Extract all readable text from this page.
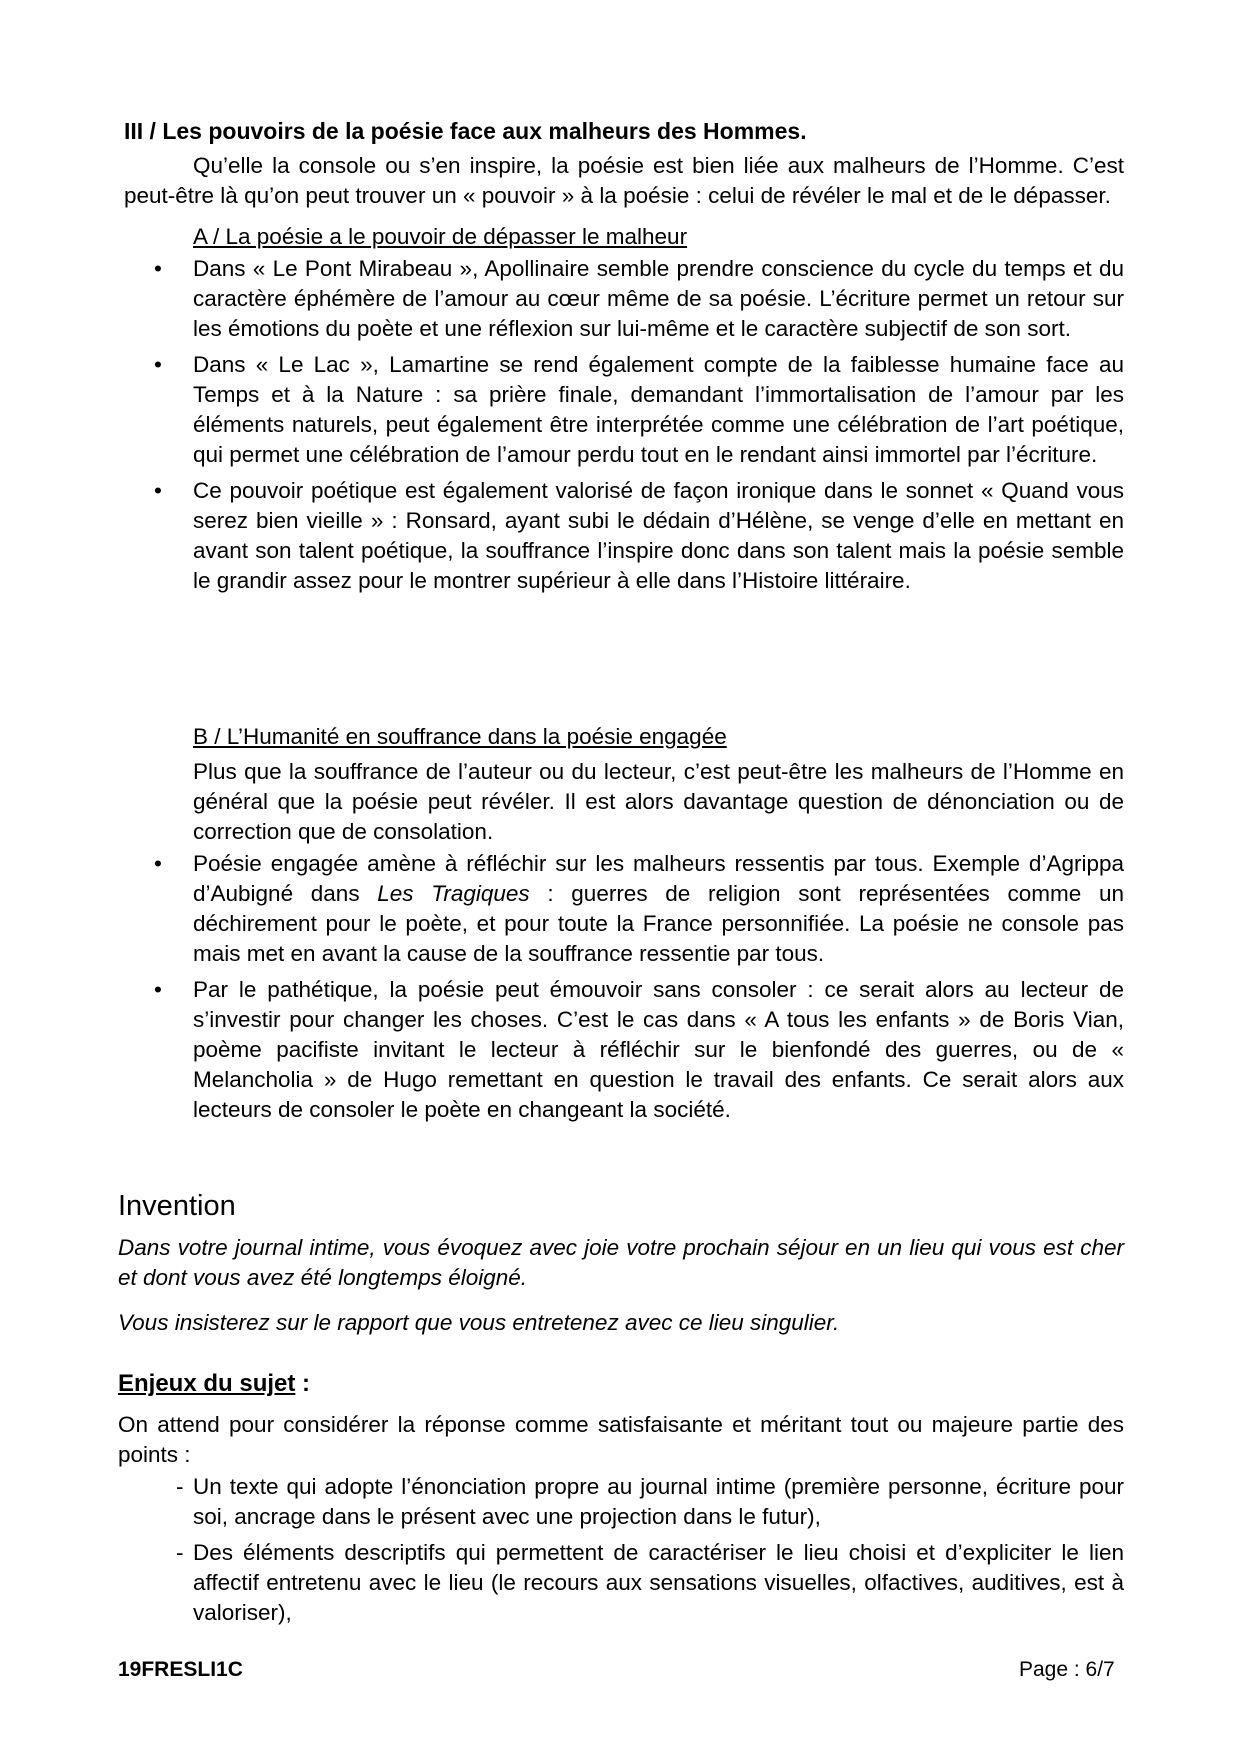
III / Les pouvoirs de la poésie face aux malheurs des Hommes.

Qu’elle la console ou s’en inspire, la poésie est bien liée aux malheurs de l’Homme. C’est peut-être là qu’on peut trouver un « pouvoir » à la poésie : celui de révéler le mal et de le dépasser.

A / La poésie a le pouvoir de dépasser le malheur

• Dans « Le Pont Mirabeau », Apollinaire semble prendre conscience du cycle du temps et du caractère éphémère de l’amour au cœur même de sa poésie. L’écriture permet un retour sur les émotions du poète et une réflexion sur lui-même et le caractère subjectif de son sort.
• Dans « Le Lac », Lamartine se rend également compte de la faiblesse humaine face au Temps et à la Nature : sa prière finale, demandant l’immortalisation de l’amour par les éléments naturels, peut également être interprétée comme une célébration de l’art poétique, qui permet une célébration de l’amour perdu tout en le rendant ainsi immortel par l’écriture.
• Ce pouvoir poétique est également valorisé de façon ironique dans le sonnet « Quand vous serez bien vieille » : Ronsard, ayant subi le dédain d’Hélène, se venge d’elle en mettant en avant son talent poétique, la souffrance l’inspire donc dans son talent mais la poésie semble le grandir assez pour le montrer supérieur à elle dans l’Histoire littéraire.

B / L’Humanité en souffrance dans la poésie engagée

Plus que la souffrance de l’auteur ou du lecteur, c’est peut-être les malheurs de l’Homme en général que la poésie peut révéler. Il est alors davantage question de dénonciation ou de correction que de consolation.

• Poésie engagée amène à réfléchir sur les malheurs ressentis par tous. Exemple d’Agrippa d’Aubigné dans Les Tragiques : guerres de religion sont représentées comme un déchirement pour le poète, et pour toute la France personnifiée. La poésie ne console pas mais met en avant la cause de la souffrance ressentie par tous.
• Par le pathétique, la poésie peut émouvoir sans consoler : ce serait alors au lecteur de s’investir pour changer les choses. C’est le cas dans « A tous les enfants » de Boris Vian, poème pacifiste invitant le lecteur à réfléchir sur le bienfondé des guerres, ou de « Melancholia » de Hugo remettant en question le travail des enfants. Ce serait alors aux lecteurs de consoler le poète en changeant la société.
Invention

Dans votre journal intime, vous évoquez avec joie votre prochain séjour en un lieu qui vous est cher et dont vous avez été longtemps éloigné.

Vous insisterez sur le rapport que vous entretenez avec ce lieu singulier.

Enjeux du sujet :

On attend pour considérer la réponse comme satisfaisante et méritant tout ou majeure partie des points :

- Un texte qui adopte l’énonciation propre au journal intime (première personne, écriture pour soi, ancrage dans le présent avec une projection dans le futur),
- Des éléments descriptifs qui permettent de caractériser le lieu choisi et d’expliciter le lien affectif entretenu avec le lieu (le recours aux sensations visuelles, olfactives, auditives, est à valoriser),

19FRESLI1C	Page : 6/7
